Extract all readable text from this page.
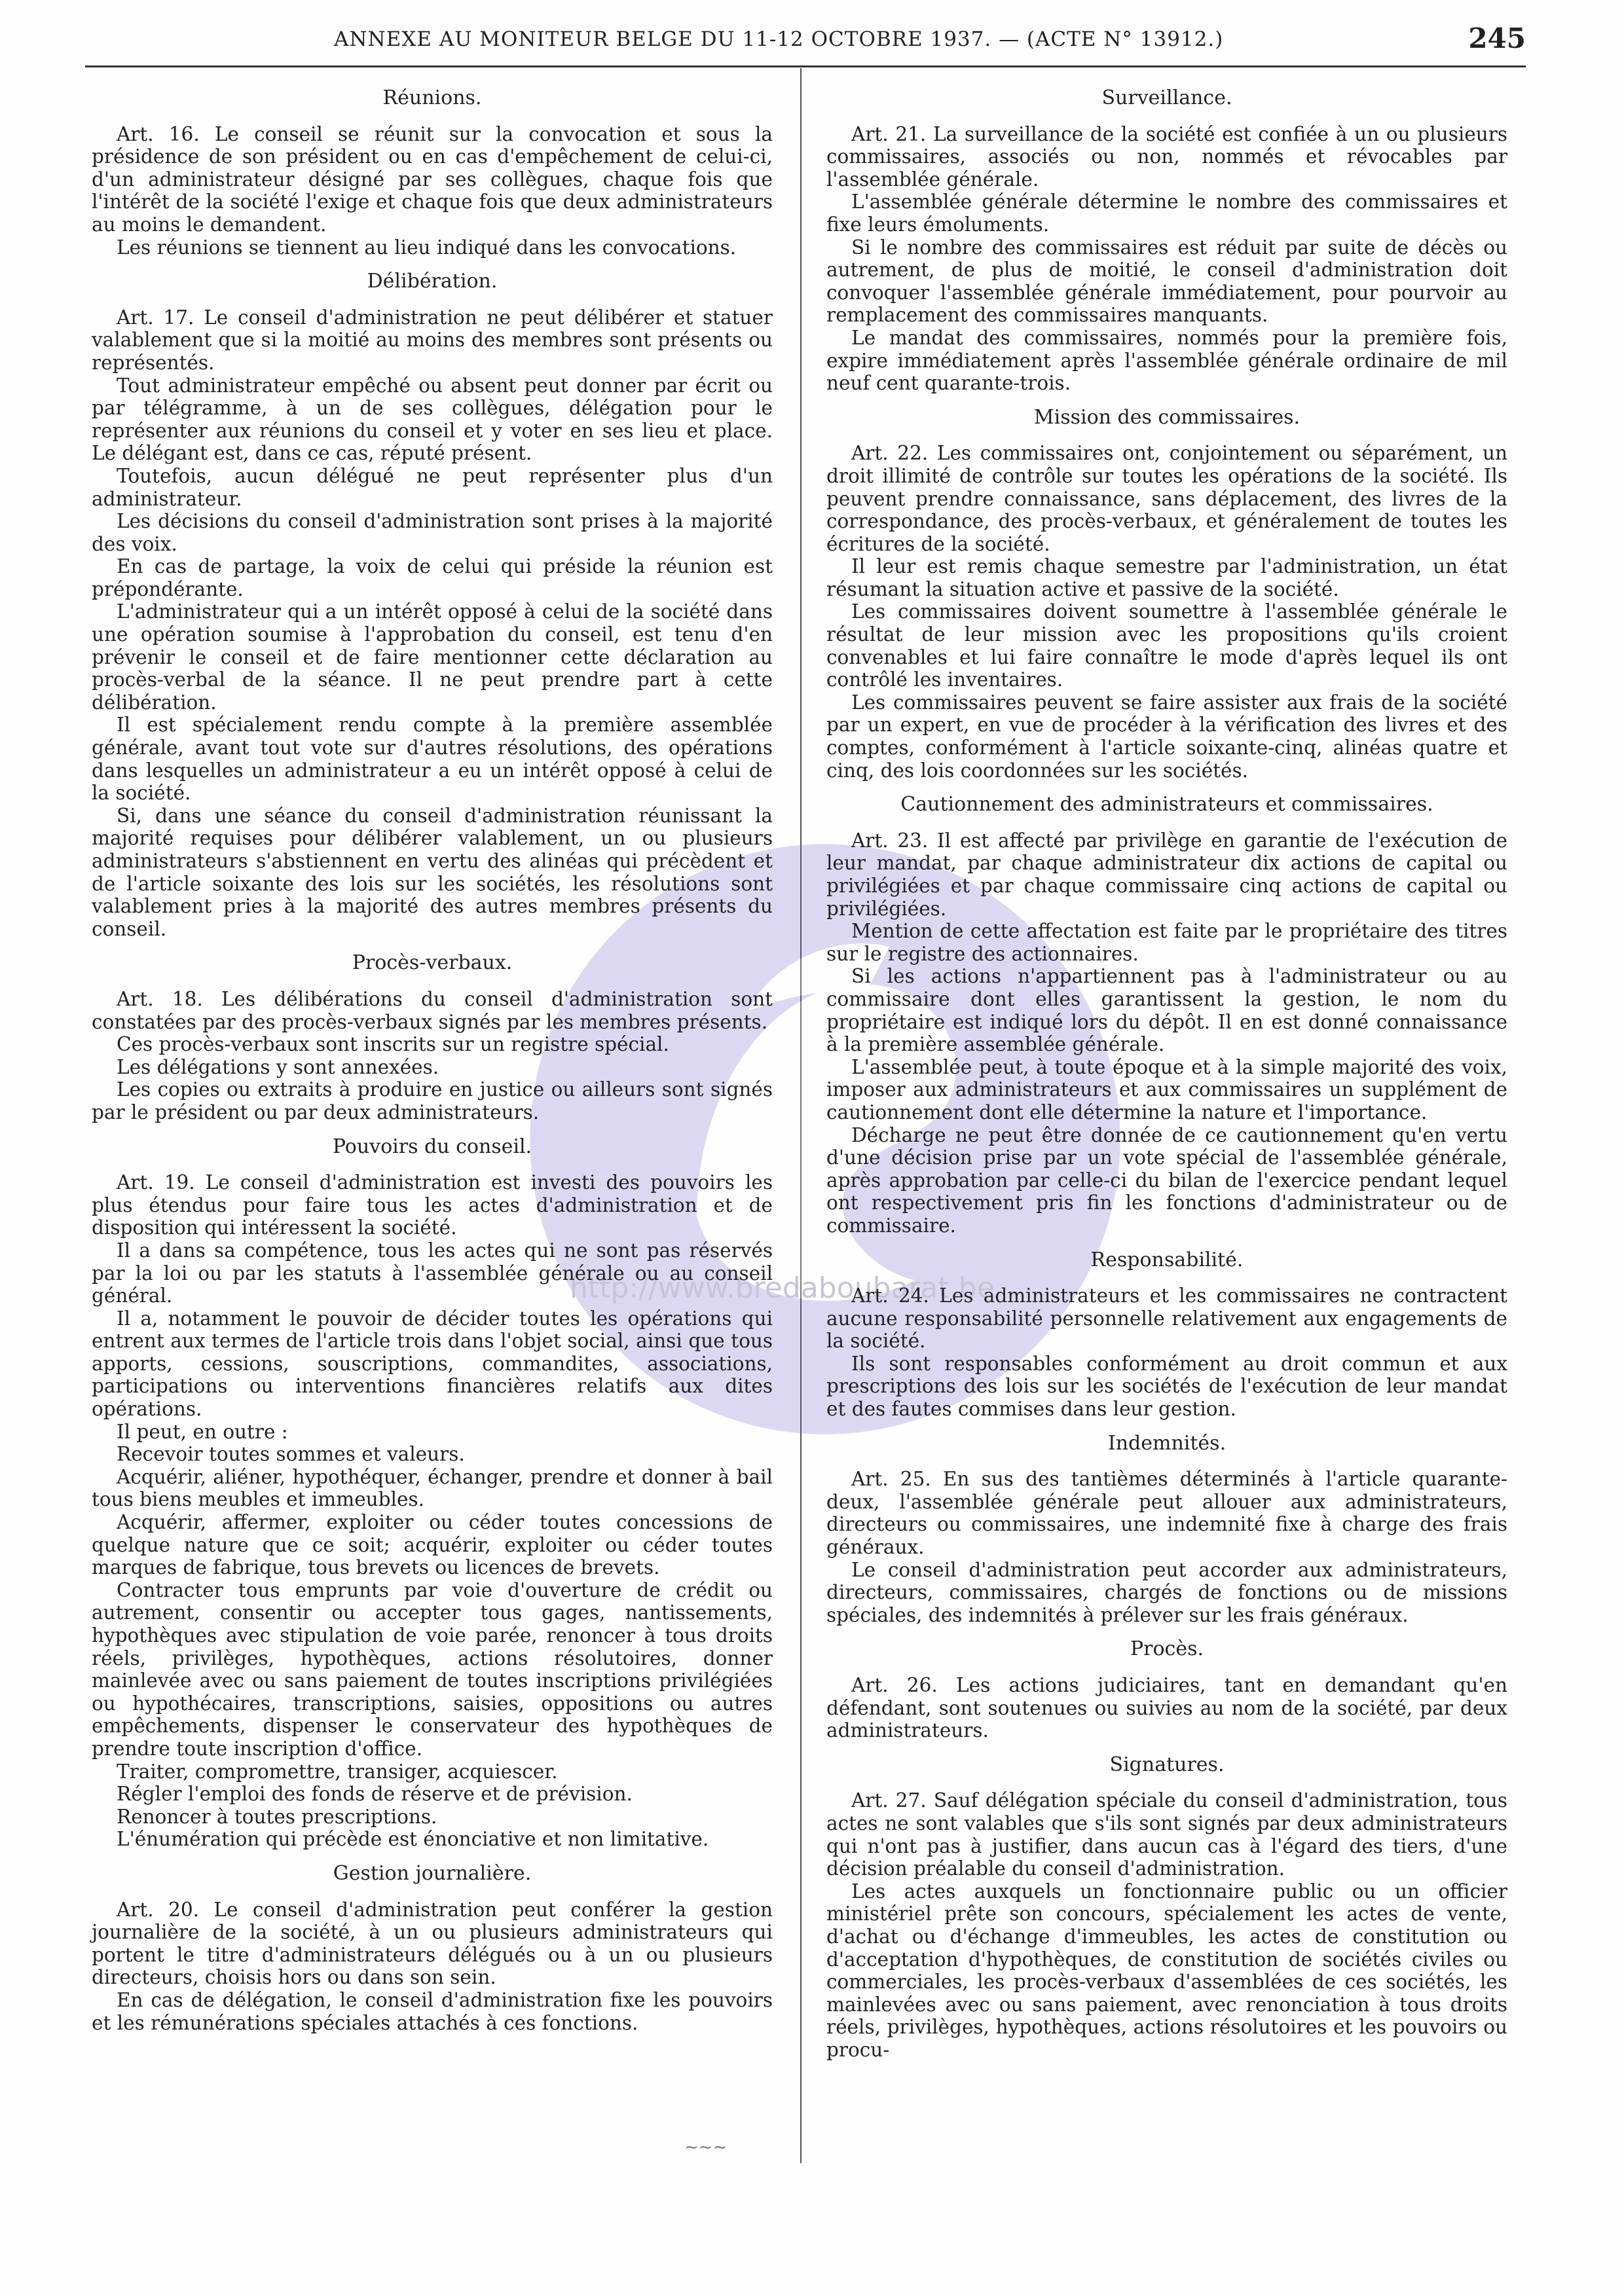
ANNEXE AU MONITEUR BELGE DU 11-12 OCTOBRE 1937. — (ACTE N° 13912.)	245
http://www.bredaboubarat.be
Réunions.

Art. 16. Le conseil se réunit sur la convocation et sous la présidence de son président ou en cas d'empêchement de celui-ci, d'un administrateur désigné par ses collègues, chaque fois que l'intérêt de la société l'exige et chaque fois que deux administrateurs au moins le demandent.

Les réunions se tiennent au lieu indiqué dans les convocations.

Délibération.

Art. 17. Le conseil d'administration ne peut délibérer et statuer valablement que si la moitié au moins des membres sont présents ou représentés.

Tout administrateur empêché ou absent peut donner par écrit ou par télégramme, à un de ses collègues, délégation pour le représenter aux réunions du conseil et y voter en ses lieu et place. Le délégant est, dans ce cas, réputé présent.

Toutefois, aucun délégué ne peut représenter plus d'un administrateur.

Les décisions du conseil d'administration sont prises à la majorité des voix.

En cas de partage, la voix de celui qui préside la réunion est prépondérante.

L'administrateur qui a un intérêt opposé à celui de la société dans une opération soumise à l'approbation du conseil, est tenu d'en prévenir le conseil et de faire mentionner cette déclaration au procès-verbal de la séance. Il ne peut prendre part à cette délibération.

Il est spécialement rendu compte à la première assemblée générale, avant tout vote sur d'autres résolutions, des opérations dans lesquelles un administrateur a eu un intérêt opposé à celui de la société.

Si, dans une séance du conseil d'administration réunissant la majorité requises pour délibérer valablement, un ou plusieurs administrateurs s'abstiennent en vertu des alinéas qui précèdent et de l'article soixante des lois sur les sociétés, les résolutions sont valablement pries à la majorité des autres membres présents du conseil.

Procès-verbaux.

Art. 18. Les délibérations du conseil d'administration sont constatées par des procès-verbaux signés par les membres présents.

Ces procès-verbaux sont inscrits sur un registre spécial.

Les délégations y sont annexées.

Les copies ou extraits à produire en justice ou ailleurs sont signés par le président ou par deux administrateurs.

Pouvoirs du conseil.

Art. 19. Le conseil d'administration est investi des pouvoirs les plus étendus pour faire tous les actes d'administration et de disposition qui intéressent la société.

Il a dans sa compétence, tous les actes qui ne sont pas réservés par la loi ou par les statuts à l'assemblée générale ou au conseil général.

Il a, notamment le pouvoir de décider toutes les opérations qui entrent aux termes de l'article trois dans l'objet social, ainsi que tous apports, cessions, souscriptions, commandites, associations, participations ou interventions financières relatifs aux dites opérations.

Il peut, en outre :

Recevoir toutes sommes et valeurs.
Acquérir, aliéner, hypothéquer, échanger, prendre et donner à bail tous biens meubles et immeubles.
Acquérir, affermer, exploiter ou céder toutes concessions de quelque nature que ce soit; acquérir, exploiter ou céder toutes marques de fabrique, tous brevets ou licences de brevets.
Contracter tous emprunts par voie d'ouverture de crédit ou autrement, consentir ou accepter tous gages, nantissements, hypothèques avec stipulation de voie parée, renoncer à tous droits réels, privilèges, hypothèques, actions résolutoires, donner mainlevée avec ou sans paiement de toutes inscriptions privilégiées ou hypothécaires, transcriptions, saisies, oppositions ou autres empêchements, dispenser le conservateur des hypothèques de prendre toute inscription d'office.
Traiter, compromettre, transiger, acquiescer.
Régler l'emploi des fonds de réserve et de prévision.
Renoncer à toutes prescriptions.
L'énumération qui précède est énonciative et non limitative.
Gestion journalière.

Art. 20. Le conseil d'administration peut conférer la gestion journalière de la société, à un ou plusieurs administrateurs qui portent le titre d'administrateurs délégués ou à un ou plusieurs directeurs, choisis hors ou dans son sein.

En cas de délégation, le conseil d'administration fixe les pouvoirs et les rémunérations spéciales attachés à ces fonctions.

Surveillance.

Art. 21. La surveillance de la société est confiée à un ou plusieurs commissaires, associés ou non, nommés et révocables par l'assemblée générale.

L'assemblée générale détermine le nombre des commissaires et fixe leurs émoluments.

Si le nombre des commissaires est réduit par suite de décès ou autrement, de plus de moitié, le conseil d'administration doit convoquer l'assemblée générale immédiatement, pour pourvoir au remplacement des commissaires manquants.

Le mandat des commissaires, nommés pour la première fois, expire immédiatement après l'assemblée générale ordinaire de mil neuf cent quarante-trois.

Mission des commissaires.

Art. 22. Les commissaires ont, conjointement ou séparément, un droit illimité de contrôle sur toutes les opérations de la société. Ils peuvent prendre connaissance, sans déplacement, des livres de la correspondance, des procès-verbaux, et généralement de toutes les écritures de la société.

Il leur est remis chaque semestre par l'administration, un état résumant la situation active et passive de la société.

Les commissaires doivent soumettre à l'assemblée générale le résultat de leur mission avec les propositions qu'ils croient convenables et lui faire connaître le mode d'après lequel ils ont contrôlé les inventaires.

Les commissaires peuvent se faire assister aux frais de la société par un expert, en vue de procéder à la vérification des livres et des comptes, conformément à l'article soixante-cinq, alinéas quatre et cinq, des lois coordonnées sur les sociétés.

Cautionnement des administrateurs et commissaires.

Art. 23. Il est affecté par privilège en garantie de l'exécution de leur mandat, par chaque administrateur dix actions de capital ou privilégiées et par chaque commissaire cinq actions de capital ou privilégiées.

Mention de cette affectation est faite par le propriétaire des titres sur le registre des actionnaires.

Si les actions n'appartiennent pas à l'administrateur ou au commissaire dont elles garantissent la gestion, le nom du propriétaire est indiqué lors du dépôt. Il en est donné connaissance à la première assemblée générale.

L'assemblée peut, à toute époque et à la simple majorité des voix, imposer aux administrateurs et aux commissaires un supplément de cautionnement dont elle détermine la nature et l'importance.

Décharge ne peut être donnée de ce cautionnement qu'en vertu d'une décision prise par un vote spécial de l'assemblée générale, après approbation par celle-ci du bilan de l'exercice pendant lequel ont respectivement pris fin les fonctions d'administrateur ou de commissaire.

Responsabilité.

Art. 24. Les administrateurs et les commissaires ne contractent aucune responsabilité personnelle relativement aux engagements de la société.

Ils sont responsables conformément au droit commun et aux prescriptions des lois sur les sociétés de l'exécution de leur mandat et des fautes commises dans leur gestion.

Indemnités.

Art. 25. En sus des tantièmes déterminés à l'article quarante-deux, l'assemblée générale peut allouer aux administrateurs, directeurs ou commissaires, une indemnité fixe à charge des frais généraux.

Le conseil d'administration peut accorder aux administrateurs, directeurs, commissaires, chargés de fonctions ou de missions spéciales, des indemnités à prélever sur les frais généraux.

Procès.

Art. 26. Les actions judiciaires, tant en demandant qu'en défendant, sont soutenues ou suivies au nom de la société, par deux administrateurs.

Signatures.

Art. 27. Sauf délégation spéciale du conseil d'administration, tous actes ne sont valables que s'ils sont signés par deux administrateurs qui n'ont pas à justifier, dans aucun cas à l'égard des tiers, d'une décision préalable du conseil d'administration.

Les actes auxquels un fonctionnaire public ou un officier ministériel prête son concours, spécialement les actes de vente, d'achat ou d'échange d'immeubles, les actes de constitution ou d'acceptation d'hypothèques, de constitution de sociétés civiles ou commerciales, les procès-verbaux d'assemblées de ces sociétés, les mainlevées avec ou sans paiement, avec renonciation à tous droits réels, privilèges, hypothèques, actions résolutoires et les pouvoirs ou procu-

~~~
